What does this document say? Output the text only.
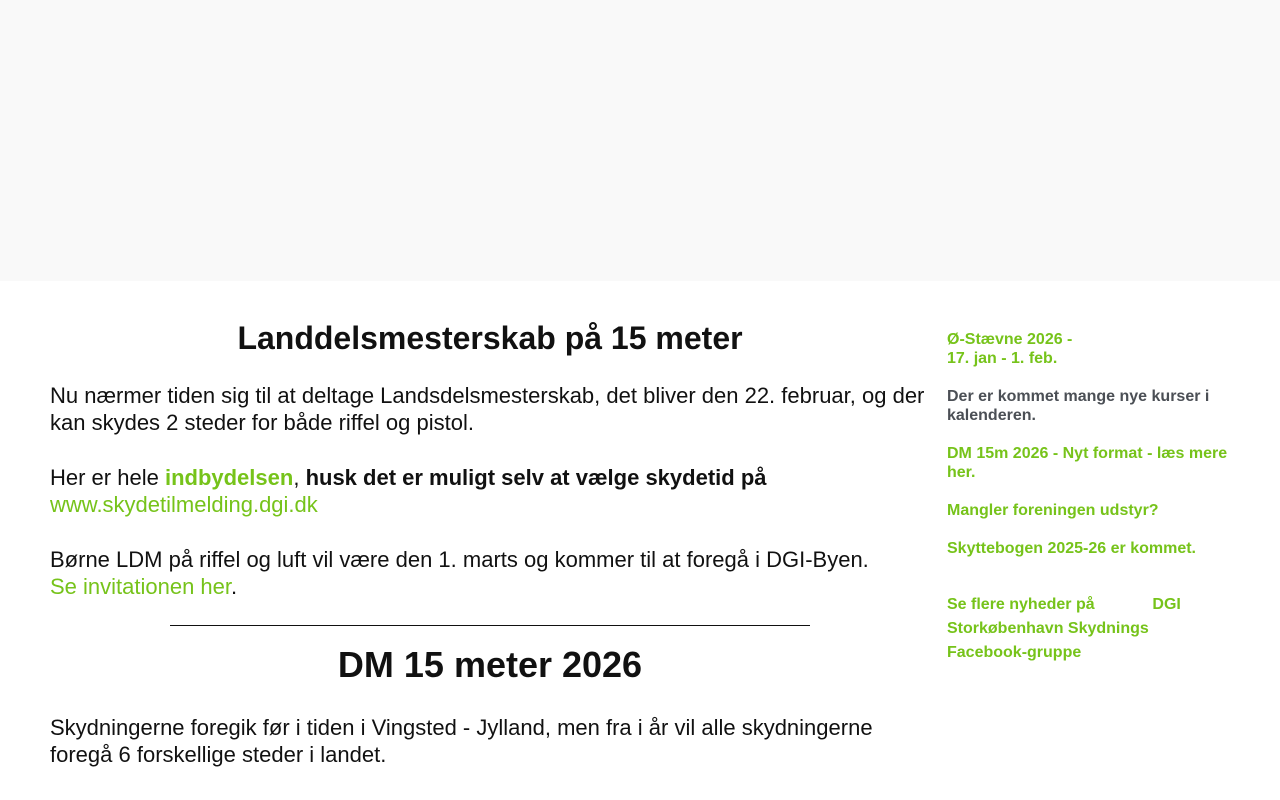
Landdelsmesterskab på 15 meter

Nu nærmer tiden sig til at deltage Landsdelsmesterskab, det bliver den 22. februar, og der kan skydes 2 steder for både riffel og pistol.

Her er hele indbydelsen, husk det er muligt selv at vælge skydetid på
www.skydetilmelding.dgi.dk

Børne LDM på riffel og luft vil være den 1. marts og kommer til at foregå i DGI-Byen.
Se invitationen her.

DM 15 meter 2026

Skydningerne foregik før i tiden i Vingsted - Jylland, men fra i år vil alle skydningerne foregå 6 forskellige steder i landet.

Ø-Stævne 2026 -
17. jan - 1. feb.
Der er kommet mange nye kurser i kalenderen.
DM 15m 2026 - Nyt format - læs mere her.
Mangler foreningen udstyr?
Skyttebogen 2025-26 er kommet.
Se flere nyheder på	DGI Storkøbenhavn Skydnings Facebook-gruppe
